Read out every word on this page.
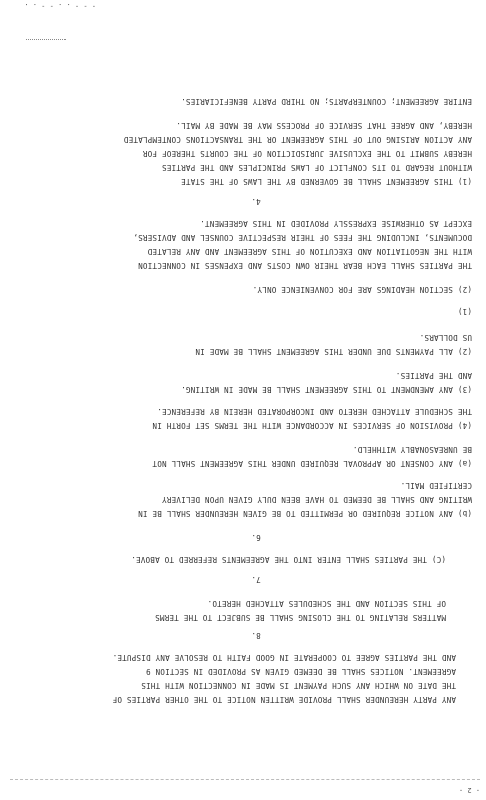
- 2 -
- - - . . - - . .
ANY PARTY HEREUNDER SHALL PROVIDE WRITTEN NOTICE TO THE OTHER PARTIES OF
THE DATE ON WHICH ANY SUCH PAYMENT IS MADE IN CONNECTION WITH THIS
AGREEMENT. NOTICES SHALL BE DEEMED GIVEN AS PROVIDED IN SECTION 9
AND THE PARTIES AGREE TO COOPERATE IN GOOD FAITH TO RESOLVE ANY DISPUTE.
8.
MATTERS RELATING TO THE CLOSING SHALL BE SUBJECT TO THE TERMS
OF THIS SECTION AND THE SCHEDULES ATTACHED HERETO.
7.
(C) THE PARTIES SHALL ENTER INTO THE AGREEMENTS REFERRED TO ABOVE.
6.
(b) ANY NOTICE REQUIRED OR PERMITTED TO BE GIVEN HEREUNDER SHALL BE IN
WRITING AND SHALL BE DEEMED TO HAVE BEEN DULY GIVEN UPON DELIVERY
CERTIFIED MAIL.
(a) ANY CONSENT OR APPROVAL REQUIRED UNDER THIS AGREEMENT SHALL NOT
BE UNREASONABLY WITHHELD.
(4) PROVISION OF SERVICES IN ACCORDANCE WITH THE TERMS SET FORTH IN
THE SCHEDULE ATTACHED HERETO AND INCORPORATED HEREIN BY REFERENCE.
(3) ANY AMENDMENT TO THIS AGREEMENT SHALL BE MADE IN WRITING.
AND THE PARTIES.
(2) ALL PAYMENTS DUE UNDER THIS AGREEMENT SHALL BE MADE IN
US DOLLARS.
(1)
(2) SECTION HEADINGS ARE FOR CONVENIENCE ONLY.
THE PARTIES SHALL EACH BEAR THEIR OWN COSTS AND EXPENSES IN CONNECTION
WITH THE NEGOTIATION AND EXECUTION OF THIS AGREEMENT AND ANY RELATED
DOCUMENTS, INCLUDING THE FEES OF THEIR RESPECTIVE COUNSEL AND ADVISERS,
EXCEPT AS OTHERWISE EXPRESSLY PROVIDED IN THIS AGREEMENT.
4.
(1) THIS AGREEMENT SHALL BE GOVERNED BY THE LAWS OF THE STATE
WITHOUT REGARD TO ITS CONFLICT OF LAWS PRINCIPLES AND THE PARTIES
HEREBY SUBMIT TO THE EXCLUSIVE JURISDICTION OF THE COURTS THEREOF FOR
ANY ACTION ARISING OUT OF THIS AGREEMENT OR THE TRANSACTIONS CONTEMPLATED
HEREBY, AND AGREE THAT SERVICE OF PROCESS MAY BE MADE BY MAIL.
ENTIRE AGREEMENT; COUNTERPARTS; NO THIRD PARTY BENEFICIARIES.
